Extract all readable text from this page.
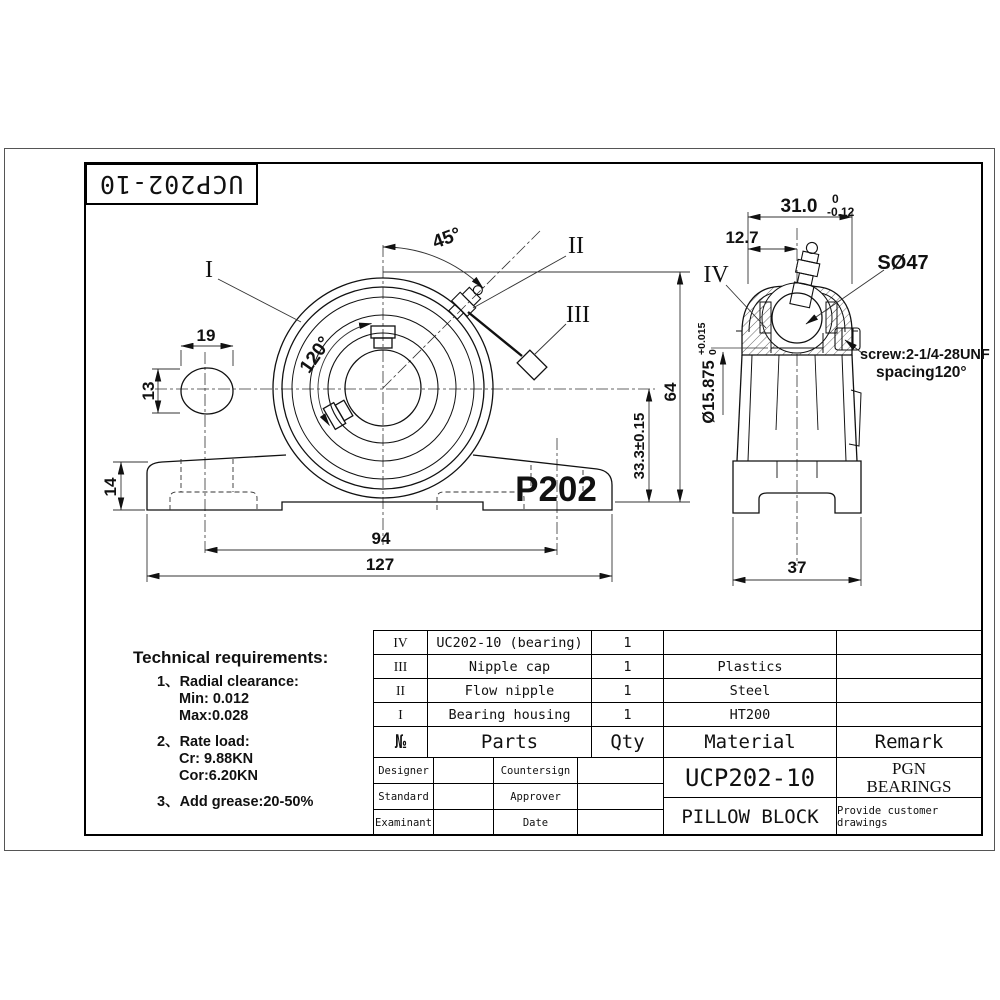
I
II
III
45°
120°
19
13
14
94
127
33.3±0.15
64
P202
IV
31.0 0
-0.12
12.7
SØ47
screw:2-1/4-28UNF
spacing120°
Ø15.875
+0.015 0
37
UCP202-10
Technical requirements:
1、Radial clearance:
Min: 0.012
Max:0.028
2、Rate load:
Cr: 9.88KN
Cor:6.20KN
3、Add grease:20-50%
IV	UC202-10 (bearing)	1
III	Nipple cap	1	Plastics
II	Flow nipple	1	Steel
I	Bearing housing	1	HT200
№	Parts	Qty	Material	Remark
Designer	Countersign
Standard	Approver
Examinant	Date
UCP202-10
PILLOW BLOCK
PGN
BEARINGS
Provide customer drawings
